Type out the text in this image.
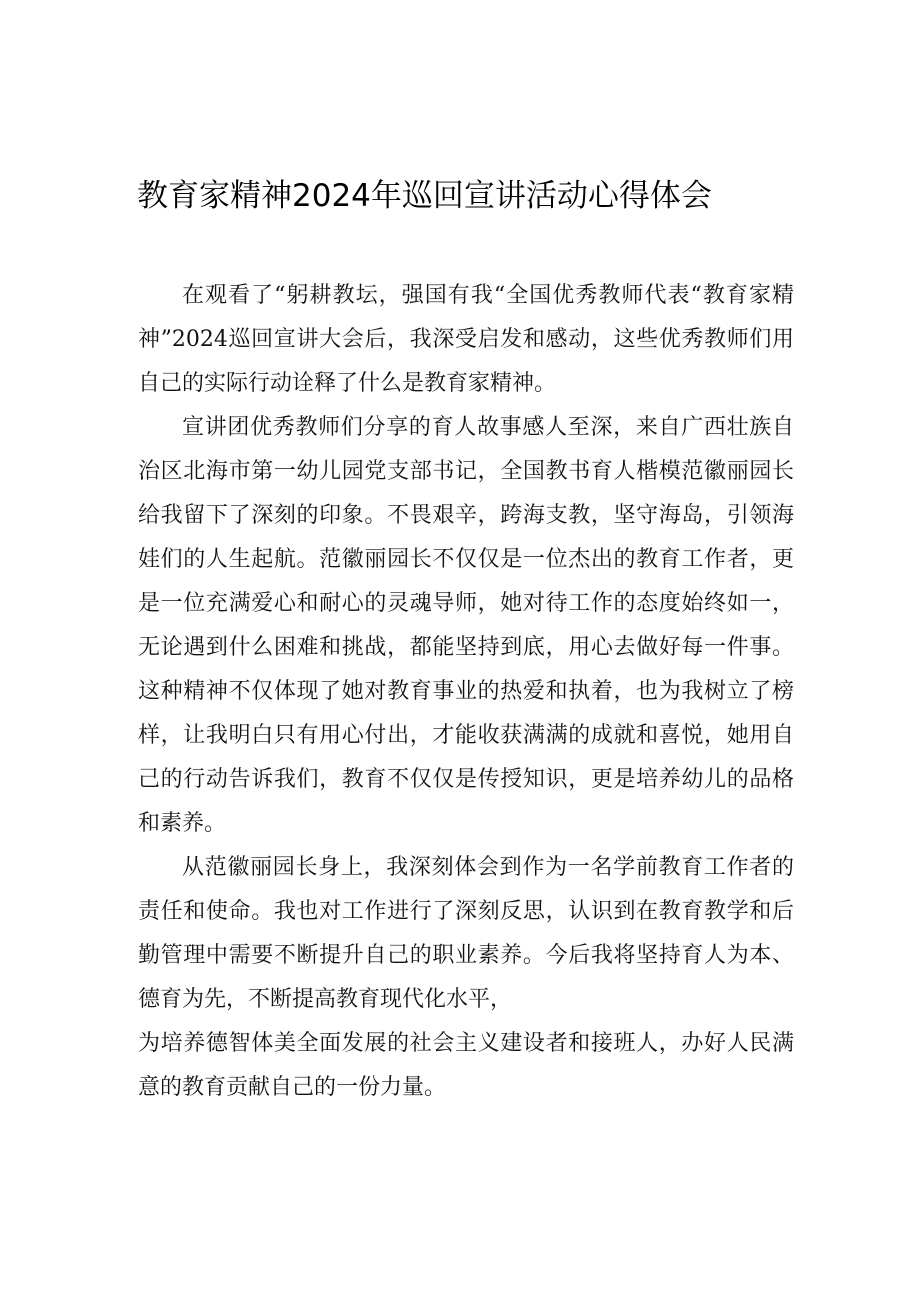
教育家精神2024年巡回宣讲活动心得体会

在观看了“躬耕教坛，强国有我“全国优秀教师代表“教育家精神”2024巡回宣讲大会后，我深受启发和感动，这些优秀教师们用自己的实际行动诠释了什么是教育家精神。

宣讲团优秀教师们分享的育人故事感人至深，来自广西壮族自治区北海市第一幼儿园党支部书记，全国教书育人楷模范徽丽园长给我留下了深刻的印象。不畏艰辛，跨海支教，坚守海岛，引领海娃们的人生起航。范徽丽园长不仅仅是一位杰出的教育工作者，更是一位充满爱心和耐心的灵魂导师，她对待工作的态度始终如一，无论遇到什么困难和挑战，都能坚持到底，用心去做好每一件事。这种精神不仅体现了她对教育事业的热爱和执着，也为我树立了榜样，让我明白只有用心付出，才能收获满满的成就和喜悦，她用自己的行动告诉我们，教育不仅仅是传授知识，更是培养幼儿的品格和素养。

从范徽丽园长身上，我深刻体会到作为一名学前教育工作者的责任和使命。我也对工作进行了深刻反思，认识到在教育教学和后勤管理中需要不断提升自己的职业素养。今后我将坚持育人为本、德育为先，不断提高教育现代化水平，

为培养德智体美全面发展的社会主义建设者和接班人，办好人民满意的教育贡献自己的一份力量。
